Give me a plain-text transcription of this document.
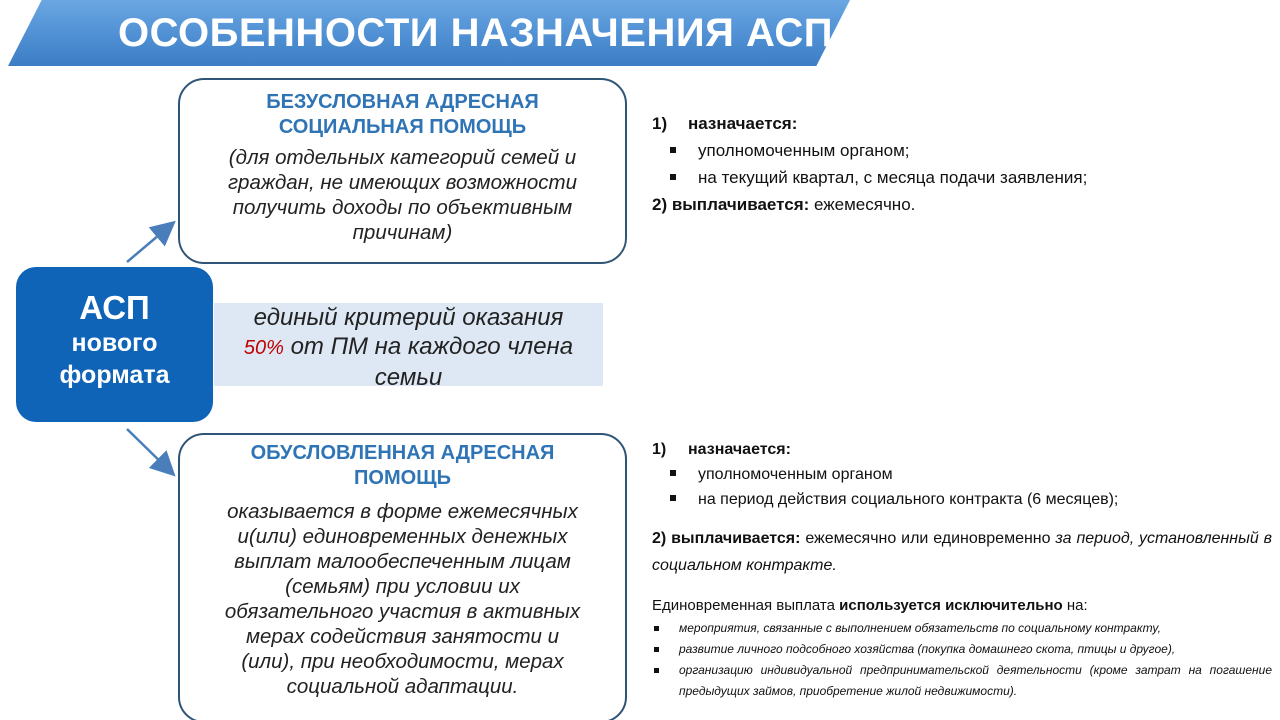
ОСОБЕННОСТИ НАЗНАЧЕНИЯ АСП
БЕЗУСЛОВНАЯ АДРЕСНАЯ
СОЦИАЛЬНАЯ ПОМОЩЬ
(для отдельных категорий семей и
граждан, не имеющих возможности
получить доходы по объективным
причинам)
АСП
нового
формата
единый критерий оказания
50% от ПМ на каждого члена
семьи
ОБУСЛОВЛЕННАЯ АДРЕСНАЯ
ПОМОЩЬ
оказывается в форме ежемесячных
и(или) единовременных денежных
выплат малообеспеченным лицам
(семьям) при условии их
обязательного участия в активных
мерах содействия занятости и
(или), при необходимости, мерах
социальной адаптации.
1) назначается:
уполномоченным органом;
на текущий квартал, с месяца подачи заявления;
2) выплачивается: ежемесячно.
1) назначается:
уполномоченным органом
на период действия социального контракта (6 месяцев);
2) выплачивается: ежемесячно или единовременно за период, установленный в социальном контракте.
Единовременная выплата используется исключительно на:
мероприятия, связанные с выполнением обязательств по социальному контракту,
развитие личного подсобного хозяйства (покупка домашнего скота, птицы и другое),
организацию индивидуальной предпринимательской деятельности (кроме затрат на погашение предыдущих займов, приобретение жилой недвижимости).
